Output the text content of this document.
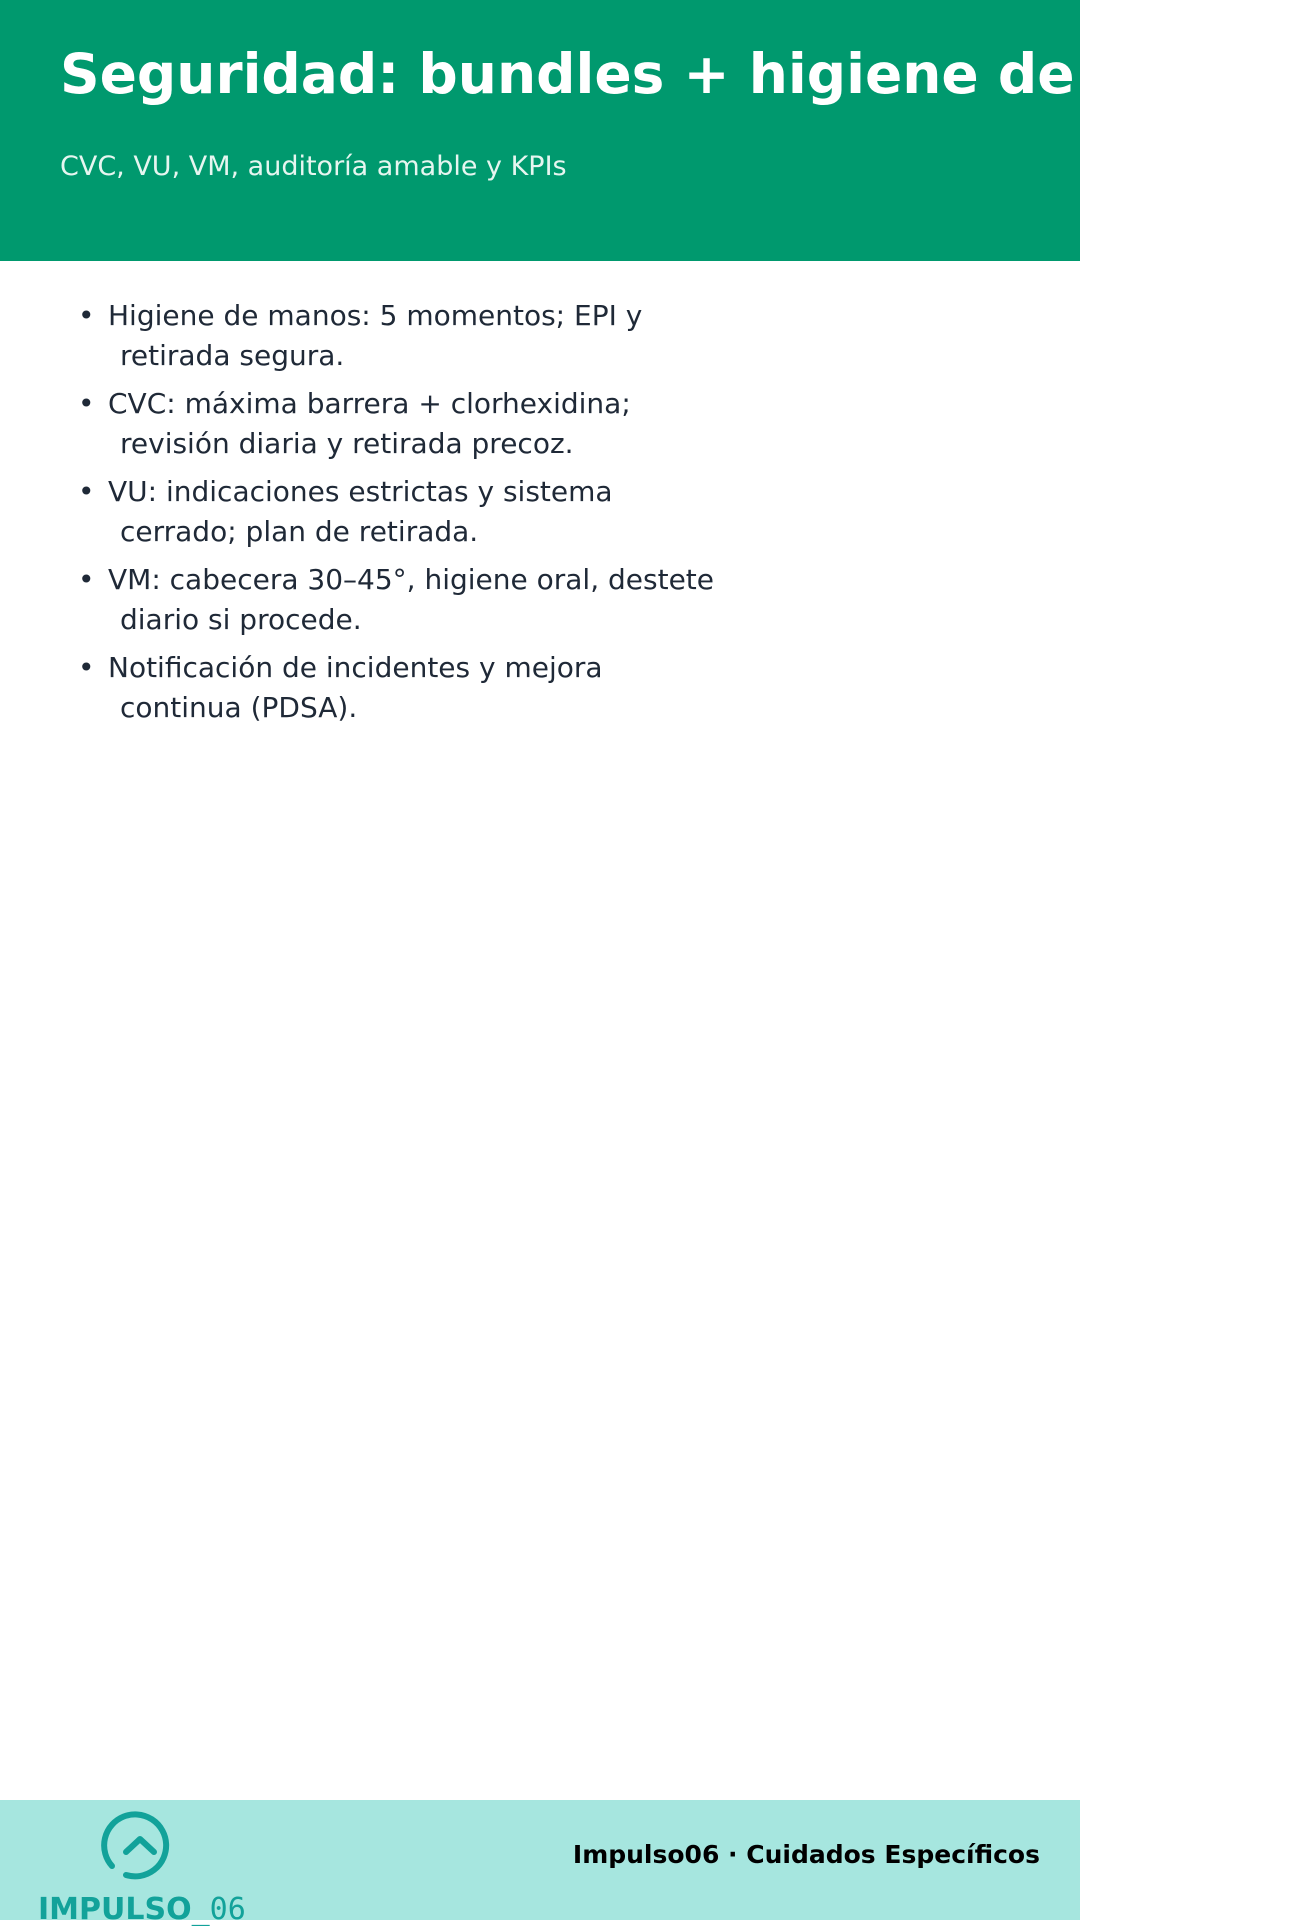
Seguridad: bundles + higiene de manos

CVC, VU, VM, auditoría amable y KPIs

• Higiene de manos: 5 momentos; EPI y
retirada segura.
• CVC: máxima barrera + clorhexidina;
revisión diaria y retirada precoz.
• VU: indicaciones estrictas y sistema
cerrado; plan de retirada.
• VM: cabecera 30–45°, higiene oral, destete
diario si procede.
• Notificación de incidentes y mejora
continua (PDSA).
IMPULSO_06

Impulso06 · Cuidados Específicos
